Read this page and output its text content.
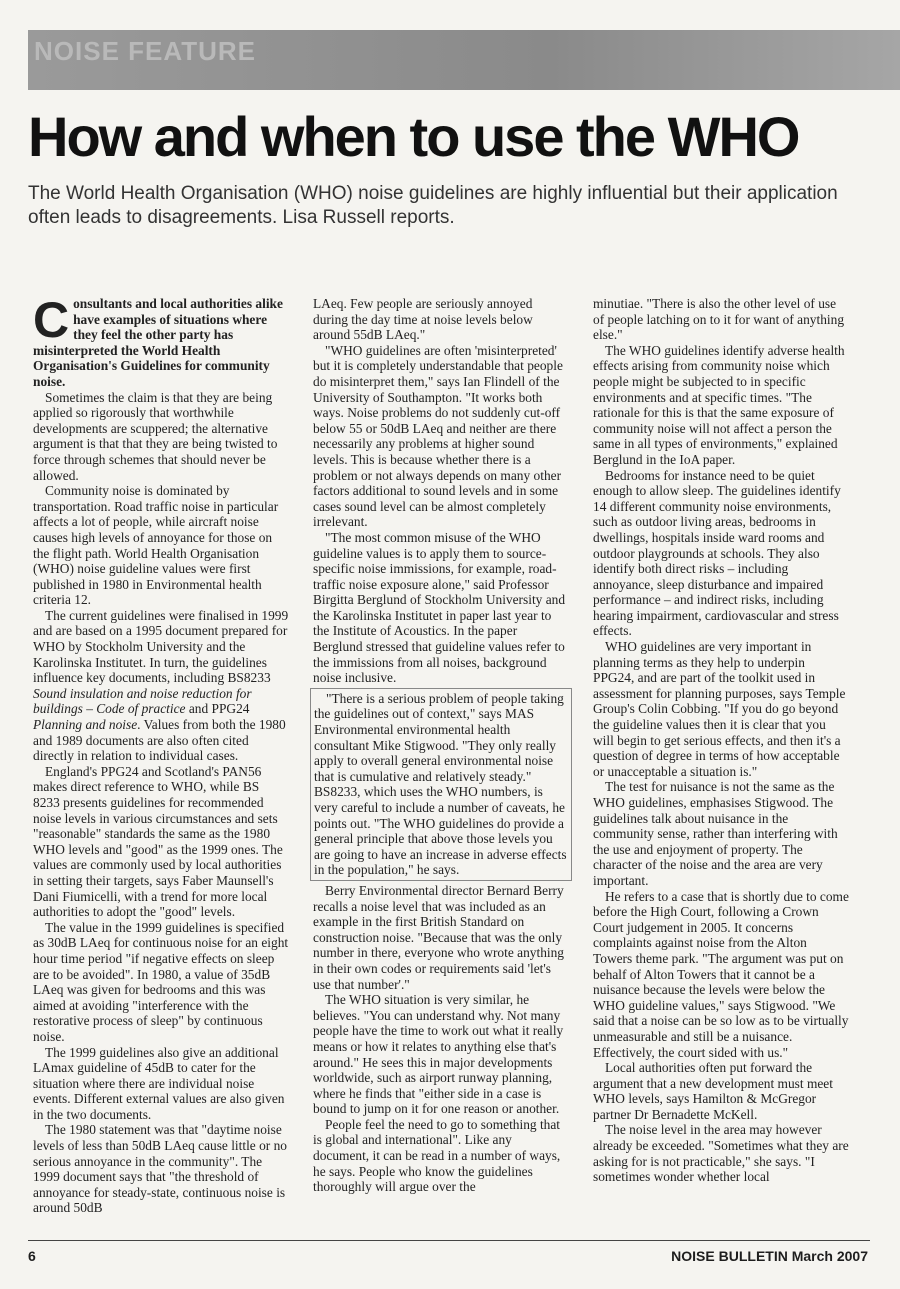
NOISE FEATURE
How and when to use the WHO

The World Health Organisation (WHO) noise guidelines are highly influential but their application often leads to disagreements. Lisa Russell reports.

Consultants and local authorities alike have examples of situations where they feel the other party has misinterpreted the World Health Organisation's Guidelines for community noise.

Sometimes the claim is that they are being applied so rigorously that worthwhile developments are scuppered; the alternative argument is that that they are being twisted to force through schemes that should never be allowed.

Community noise is dominated by transportation. Road traffic noise in particular affects a lot of people, while aircraft noise causes high levels of annoyance for those on the flight path. World Health Organisation (WHO) noise guideline values were first published in 1980 in Environmental health criteria 12.

The current guidelines were finalised in 1999 and are based on a 1995 document prepared for WHO by Stockholm University and the Karolinska Institutet. In turn, the guidelines influence key documents, including BS8233 Sound insulation and noise reduction for buildings – Code of practice and PPG24 Planning and noise. Values from both the 1980 and 1989 documents are also often cited directly in relation to individual cases.

England's PPG24 and Scotland's PAN56 makes direct reference to WHO, while BS 8233 presents guidelines for recommended noise levels in various circumstances and sets "reasonable" standards the same as the 1980 WHO levels and "good" as the 1999 ones. The values are commonly used by local authorities in setting their targets, says Faber Maunsell's Dani Fiumicelli, with a trend for more local authorities to adopt the "good" levels.

The value in the 1999 guidelines is specified as 30dB LAeq for continuous noise for an eight hour time period "if negative effects on sleep are to be avoided". In 1980, a value of 35dB LAeq was given for bedrooms and this was aimed at avoiding "interference with the restorative process of sleep" by continuous noise.

The 1999 guidelines also give an additional LAmax guideline of 45dB to cater for the situation where there are individual noise events. Different external values are also given in the two documents.

The 1980 statement was that "daytime noise levels of less than 50dB LAeq cause little or no serious annoyance in the community". The 1999 document says that "the threshold of annoyance for steady-state, continuous noise is around 50dB

LAeq. Few people are seriously annoyed during the day time at noise levels below around 55dB LAeq."

"WHO guidelines are often 'misinterpreted' but it is completely understandable that people do misinterpret them," says Ian Flindell of the University of Southampton. "It works both ways. Noise problems do not suddenly cut-off below 55 or 50dB LAeq and neither are there necessarily any problems at higher sound levels. This is because whether there is a problem or not always depends on many other factors additional to sound levels and in some cases sound level can be almost completely irrelevant.

"The most common misuse of the WHO guideline values is to apply them to source-specific noise immissions, for example, road-traffic noise exposure alone," said Professor Birgitta Berglund of Stockholm University and the Karolinska Institutet in paper last year to the Institute of Acoustics. In the paper Berglund stressed that guideline values refer to the immissions from all noises, background noise inclusive.

"There is a serious problem of people taking the guidelines out of context," says MAS Environmental environmental health consultant Mike Stigwood. "They only really apply to overall general environmental noise that is cumulative and relatively steady." BS8233, which uses the WHO numbers, is very careful to include a number of caveats, he points out. "The WHO guidelines do provide a general principle that above those levels you are going to have an increase in adverse effects in the population," he says.

Berry Environmental director Bernard Berry recalls a noise level that was included as an example in the first British Standard on construction noise. "Because that was the only number in there, everyone who wrote anything in their own codes or requirements said 'let's use that number'."

The WHO situation is very similar, he believes. "You can understand why. Not many people have the time to work out what it really means or how it relates to anything else that's around." He sees this in major developments worldwide, such as airport runway planning, where he finds that "either side in a case is bound to jump on it for one reason or another.

People feel the need to go to something that is global and international". Like any document, it can be read in a number of ways, he says. People who know the guidelines thoroughly will argue over the

minutiae. "There is also the other level of use of people latching on to it for want of anything else."

The WHO guidelines identify adverse health effects arising from community noise which people might be subjected to in specific environments and at specific times. "The rationale for this is that the same exposure of community noise will not affect a person the same in all types of environments," explained Berglund in the IoA paper.

Bedrooms for instance need to be quiet enough to allow sleep. The guidelines identify 14 different community noise environments, such as outdoor living areas, bedrooms in dwellings, hospitals inside ward rooms and outdoor playgrounds at schools. They also identify both direct risks – including annoyance, sleep disturbance and impaired performance – and indirect risks, including hearing impairment, cardiovascular and stress effects.

WHO guidelines are very important in planning terms as they help to underpin PPG24, and are part of the toolkit used in assessment for planning purposes, says Temple Group's Colin Cobbing. "If you do go beyond the guideline values then it is clear that you will begin to get serious effects, and then it's a question of degree in terms of how acceptable or unacceptable a situation is."

The test for nuisance is not the same as the WHO guidelines, emphasises Stigwood. The guidelines talk about nuisance in the community sense, rather than interfering with the use and enjoyment of property. The character of the noise and the area are very important.

He refers to a case that is shortly due to come before the High Court, following a Crown Court judgement in 2005. It concerns complaints against noise from the Alton Towers theme park. "The argument was put on behalf of Alton Towers that it cannot be a nuisance because the levels were below the WHO guideline values," says Stigwood. "We said that a noise can be so low as to be virtually unmeasurable and still be a nuisance. Effectively, the court sided with us."

Local authorities often put forward the argument that a new development must meet WHO levels, says Hamilton & McGregor partner Dr Bernadette McKell.

The noise level in the area may however already be exceeded. "Sometimes what they are asking for is not practicable," she says. "I sometimes wonder whether local

6	NOISE BULLETIN March 2007
